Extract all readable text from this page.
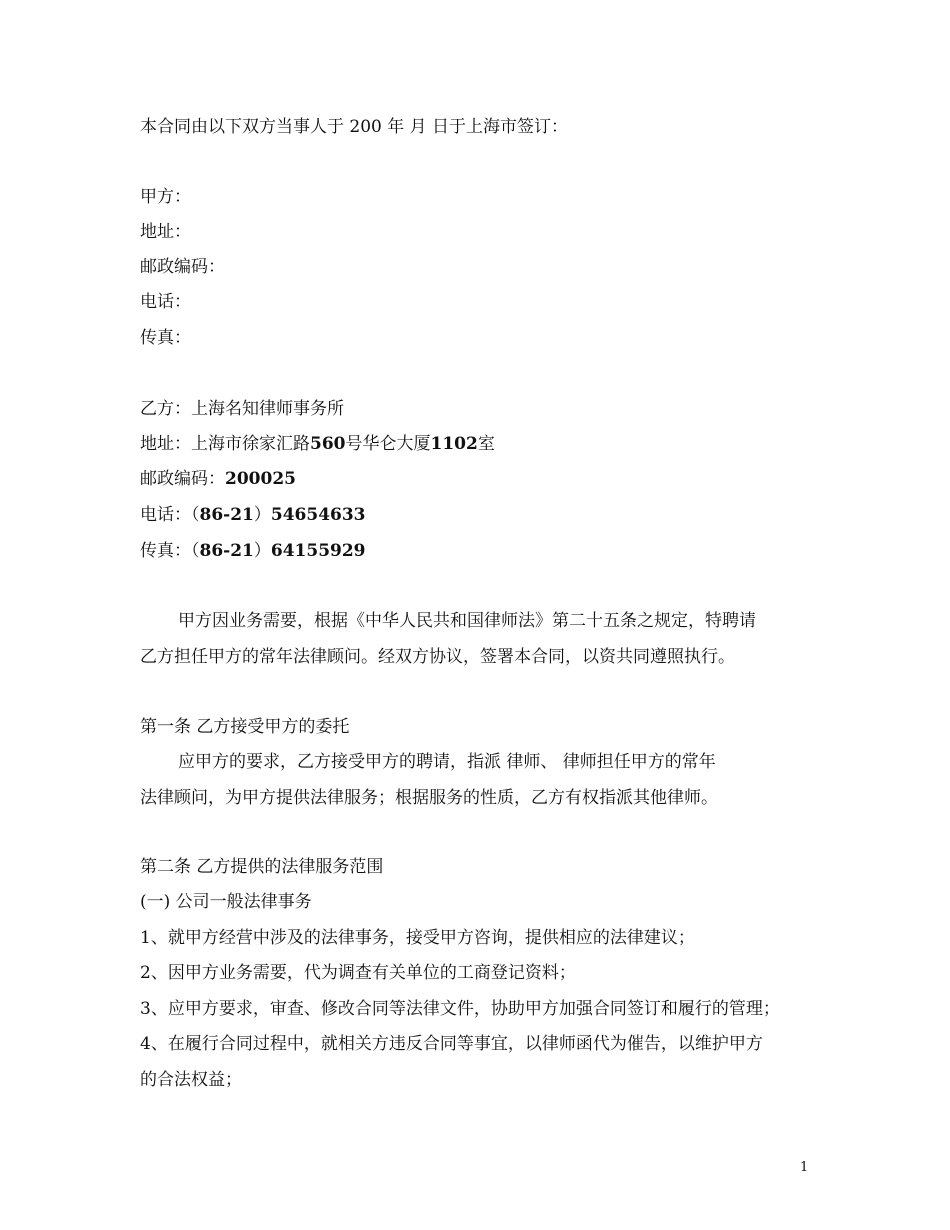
本合同由以下双方当事人于 200 年 月 日于上海市签订：
甲方：
地址：
邮政编码：
电话：
传真：
乙方：上海名知律师事务所
地址：上海市徐家汇路560号华仑大厦1102室
邮政编码：200025
电话：（86-21）54654633
传真：（86-21）64155929
甲方因业务需要，根据《中华人民共和国律师法》第二十五条之规定，特聘请
乙方担任甲方的常年法律顾问。经双方协议，签署本合同，以资共同遵照执行。
第一条 乙方接受甲方的委托
应甲方的要求，乙方接受甲方的聘请，指派 律师、 律师担任甲方的常年
法律顾问，为甲方提供法律服务；根据服务的性质，乙方有权指派其他律师。
第二条 乙方提供的法律服务范围
(一) 公司一般法律事务
1、就甲方经营中涉及的法律事务，接受甲方咨询，提供相应的法律建议；
2、因甲方业务需要，代为调查有关单位的工商登记资料；
3、应甲方要求，审查、修改合同等法律文件，协助甲方加强合同签订和履行的管理；
4、在履行合同过程中，就相关方违反合同等事宜，以律师函代为催告，以维护甲方
的合法权益；
1
